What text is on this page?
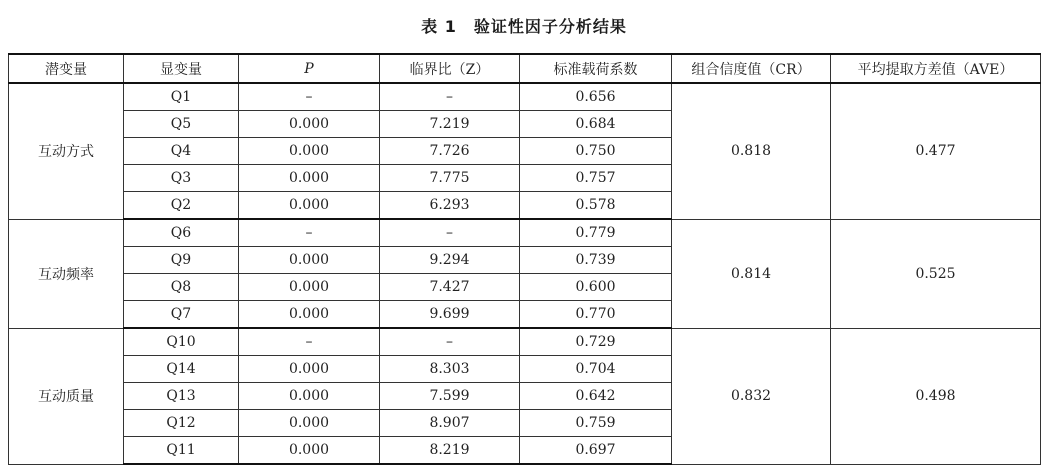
表 1　验证性因子分析结果
潜变量	显变量	P	临界比（Z）	标准载荷系数	组合信度值（CR）	平均提取方差值（AVE）
互动方式	Q1	–	–	0.656	0.818	0.477
	Q5	0.000	7.219	0.684		
	Q4	0.000	7.726	0.750		
	Q3	0.000	7.775	0.757		
	Q2	0.000	6.293	0.578		
互动频率	Q6	–	–	0.779	0.814	0.525
	Q9	0.000	9.294	0.739		
	Q8	0.000	7.427	0.600		
	Q7	0.000	9.699	0.770		
互动质量	Q10	–	–	0.729	0.832	0.498
	Q14	0.000	8.303	0.704		
	Q13	0.000	7.599	0.642		
	Q12	0.000	8.907	0.759		
	Q11	0.000	8.219	0.697		
